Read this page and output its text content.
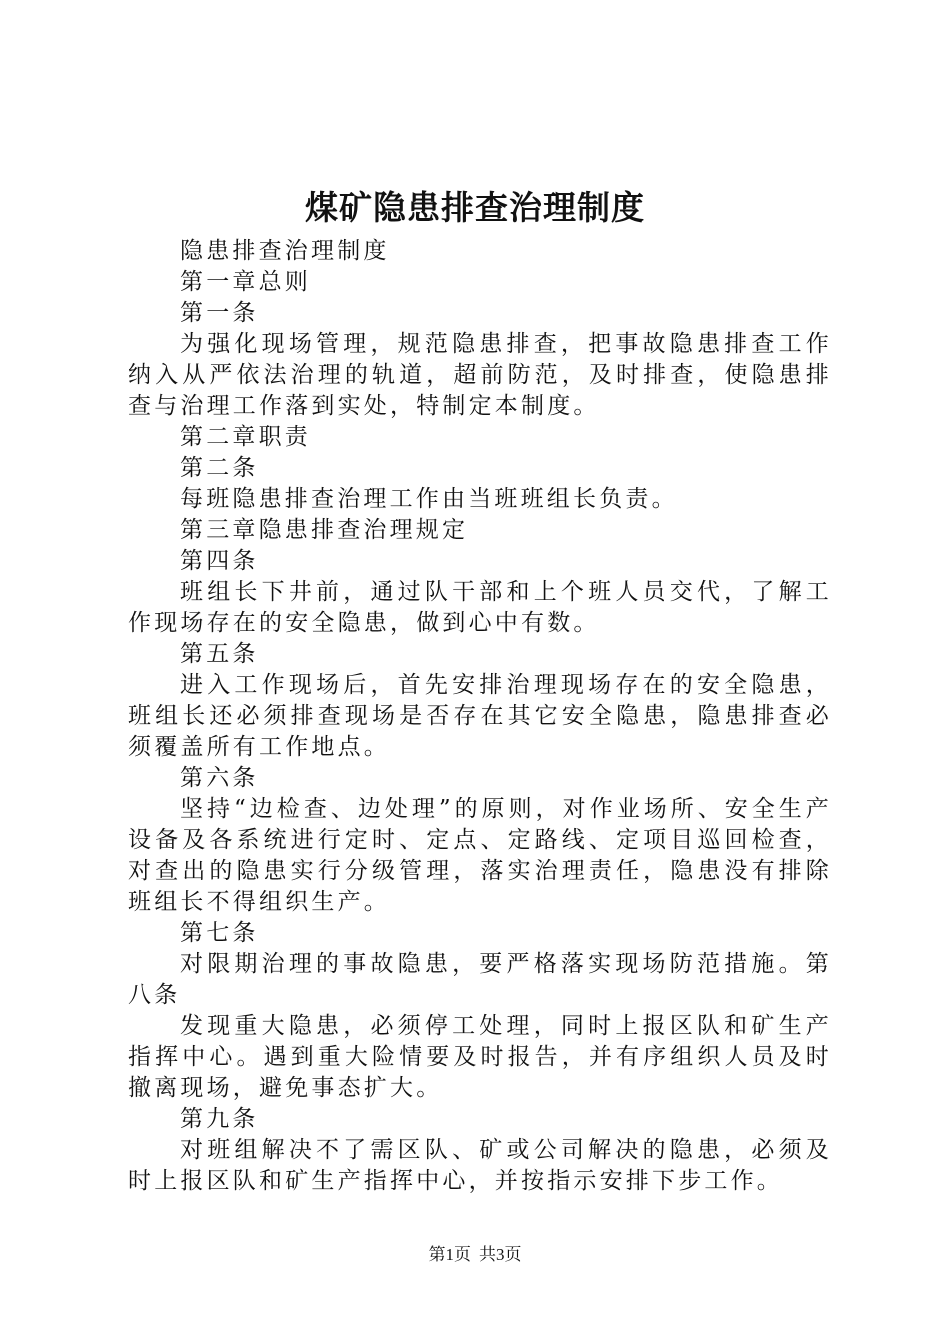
煤矿隐患排查治理制度

隐患排查治理制度

第一章总则

第一条

为强化现场管理，规范隐患排查，把事故隐患排查工作纳入从严依法治理的轨道，超前防范，及时排查，使隐患排查与治理工作落到实处，特制定本制度。

第二章职责

第二条

每班隐患排查治理工作由当班班组长负责。

第三章隐患排查治理规定

第四条

班组长下井前，通过队干部和上个班人员交代，了解工作现场存在的安全隐患，做到心中有数。

第五条

进入工作现场后，首先安排治理现场存在的安全隐患，班组长还必须排查现场是否存在其它安全隐患，隐患排查必须覆盖所有工作地点。

第六条

坚持“边检查、边处理”的原则，对作业场所、安全生产设备及各系统进行定时、定点、定路线、定项目巡回检查，对查出的隐患实行分级管理，落实治理责任，隐患没有排除班组长不得组织生产。

第七条

对限期治理的事故隐患，要严格落实现场防范措施。第八条

发现重大隐患，必须停工处理，同时上报区队和矿生产指挥中心。遇到重大险情要及时报告，并有序组织人员及时撤离现场，避免事态扩大。

第九条

对班组解决不了需区队、矿或公司解决的隐患，必须及时上报区队和矿生产指挥中心，并按指示安排下步工作。

第1页 共3页
